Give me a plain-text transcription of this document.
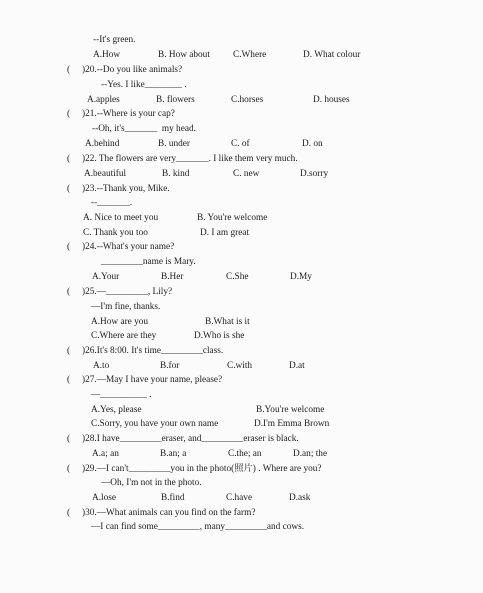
--It's green.
A.How	B. How about C.Where	D. What colour
( )20.--Do you like animals?
--Yes. I like________ .
A.apples	B. flowers	C.horses	D. houses
( )21.--Where is your cap?
--Oh, it's_______  my head.
A.behind	B. under	C. of	D. on
( )22. The flowers are very_______. I like them very much.
A.beautiful	B. kind	C. new	D.sorry
( )23.--Thank you, Mike.
--_______.
A. Nice to meet you	B. You're welcome
C. Thank you too	D. I am great
( )24.--What's your name?
_________name is Mary.
A.Your	B.Her	C.She	D.My
( )25.—_________, Lily?
—I'm fine, thanks.
A.How are you	B.What is it
C.Where are they	D.Who is she
( )26.It's 8:00. It's time_________class.
A.to	B.for	C.with	D.at
( )27.—May I have your name, please?
—__________ .
A.Yes, please	B.You're welcome
C.Sorry, you have your own name	D.I'm Emma Brown
( )28.I have_________eraser, and_________eraser is black.
A.a; an	B.an; a	C.the; an	D.an; the
( )29.—I can't_________you in the photo(照片) . Where are you?
—Oh, I'm not in the photo.
A.lose	B.find	C.have	D.ask
( )30.—What animals can you find on the farm?
—I can find some_________, many_________and cows.
